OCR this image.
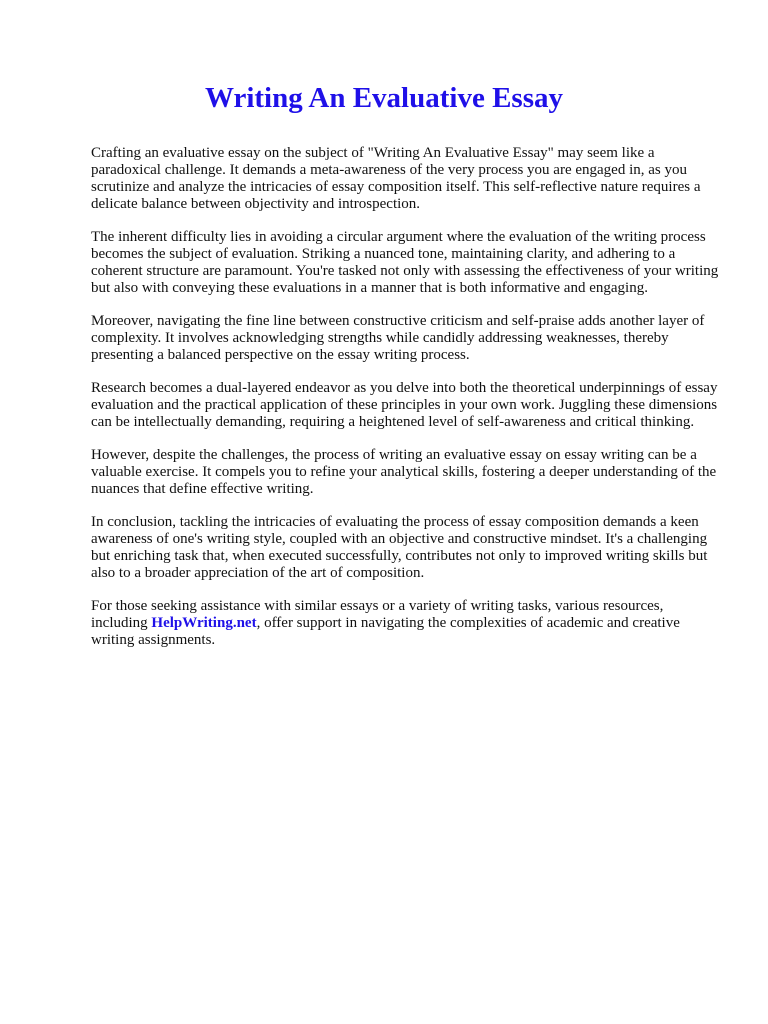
Writing An Evaluative Essay

Crafting an evaluative essay on the subject of "Writing An Evaluative Essay" may seem like a paradoxical challenge. It demands a meta-awareness of the very process you are engaged in, as you scrutinize and analyze the intricacies of essay composition itself. This self-reflective nature requires a delicate balance between objectivity and introspection.

The inherent difficulty lies in avoiding a circular argument where the evaluation of the writing process becomes the subject of evaluation. Striking a nuanced tone, maintaining clarity, and adhering to a coherent structure are paramount. You're tasked not only with assessing the effectiveness of your writing but also with conveying these evaluations in a manner that is both informative and engaging.

Moreover, navigating the fine line between constructive criticism and self-praise adds another layer of complexity. It involves acknowledging strengths while candidly addressing weaknesses, thereby presenting a balanced perspective on the essay writing process.

Research becomes a dual-layered endeavor as you delve into both the theoretical underpinnings of essay evaluation and the practical application of these principles in your own work. Juggling these dimensions can be intellectually demanding, requiring a heightened level of self-awareness and critical thinking.

However, despite the challenges, the process of writing an evaluative essay on essay writing can be a valuable exercise. It compels you to refine your analytical skills, fostering a deeper understanding of the nuances that define effective writing.

In conclusion, tackling the intricacies of evaluating the process of essay composition demands a keen awareness of one's writing style, coupled with an objective and constructive mindset. It's a challenging but enriching task that, when executed successfully, contributes not only to improved writing skills but also to a broader appreciation of the art of composition.

For those seeking assistance with similar essays or a variety of writing tasks, various resources, including HelpWriting.net, offer support in navigating the complexities of academic and creative writing assignments.
